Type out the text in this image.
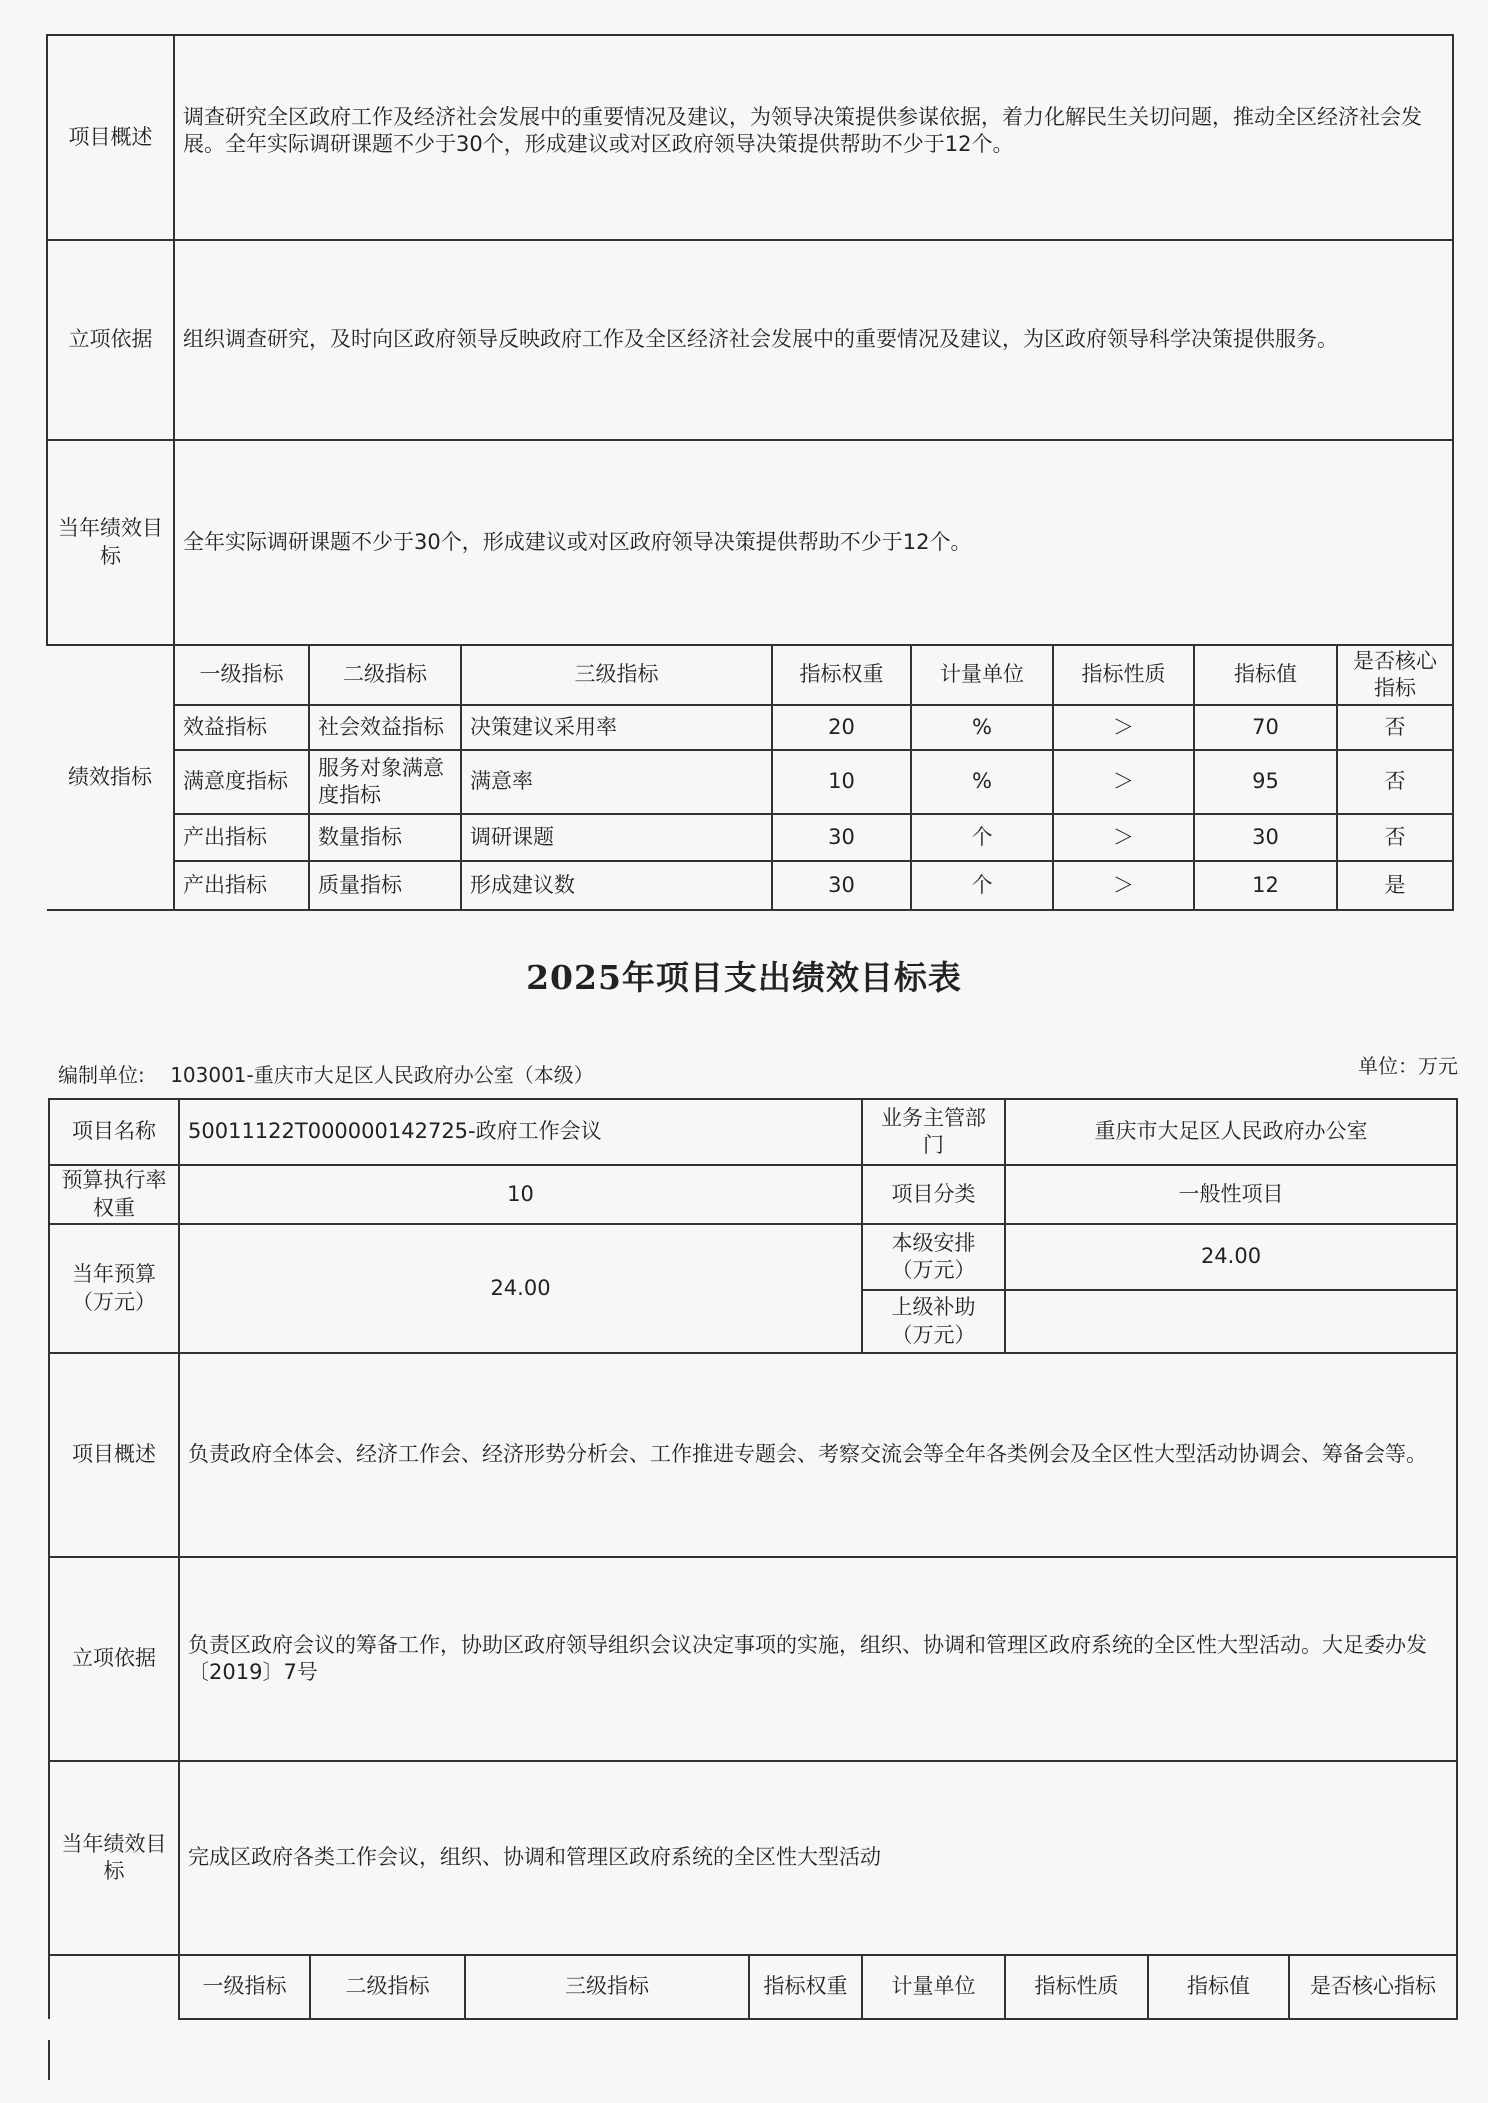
项目概述	调查研究全区政府工作及经济社会发展中的重要情况及建议，为领导决策提供参谋依据，着力化解民生关切问题，推动全区经济社会发展。全年实际调研课题不少于30个，形成建议或对区政府领导决策提供帮助不少于12个。							
立项依据	组织调查研究，及时向区政府领导反映政府工作及全区经济社会发展中的重要情况及建议，为区政府领导科学决策提供服务。							
当年绩效目标	全年实际调研课题不少于30个，形成建议或对区政府领导决策提供帮助不少于12个。							
绩效指标	一级指标	二级指标	三级指标	指标权重	计量单位	指标性质	指标值	是否核心指标
	效益指标	社会效益指标	决策建议采用率	20	%	＞	70	否
	满意度指标	服务对象满意度指标	满意率	10	%	＞	95	否
	产出指标	数量指标	调研课题	30	个	＞	30	否
	产出指标	质量指标	形成建议数	30	个	＞	12	是
2025年项目支出绩效目标表
编制单位: 103001-重庆市大足区人民政府办公室（本级）	单位：万元
项目名称	50011122T000000142725-政府工作会议				业务主管部门	重庆市大足区人民政府办公室		
预算执行率权重	10				项目分类	一般性项目		
当年预算（万元）	24.00				本级安排（万元）	24.00		
					上级补助（万元）			
项目概述	负责政府全体会、经济工作会、经济形势分析会、工作推进专题会、考察交流会等全年各类例会及全区性大型活动协调会、筹备会等。							
立项依据	负责区政府会议的筹备工作，协助区政府领导组织会议决定事项的实施，组织、协调和管理区政府系统的全区性大型活动。大足委办发〔2019〕7号							
当年绩效目标	完成区政府各类工作会议，组织、协调和管理区政府系统的全区性大型活动							
	一级指标	二级指标	三级指标	指标权重	计量单位	指标性质	指标值	是否核心指标
